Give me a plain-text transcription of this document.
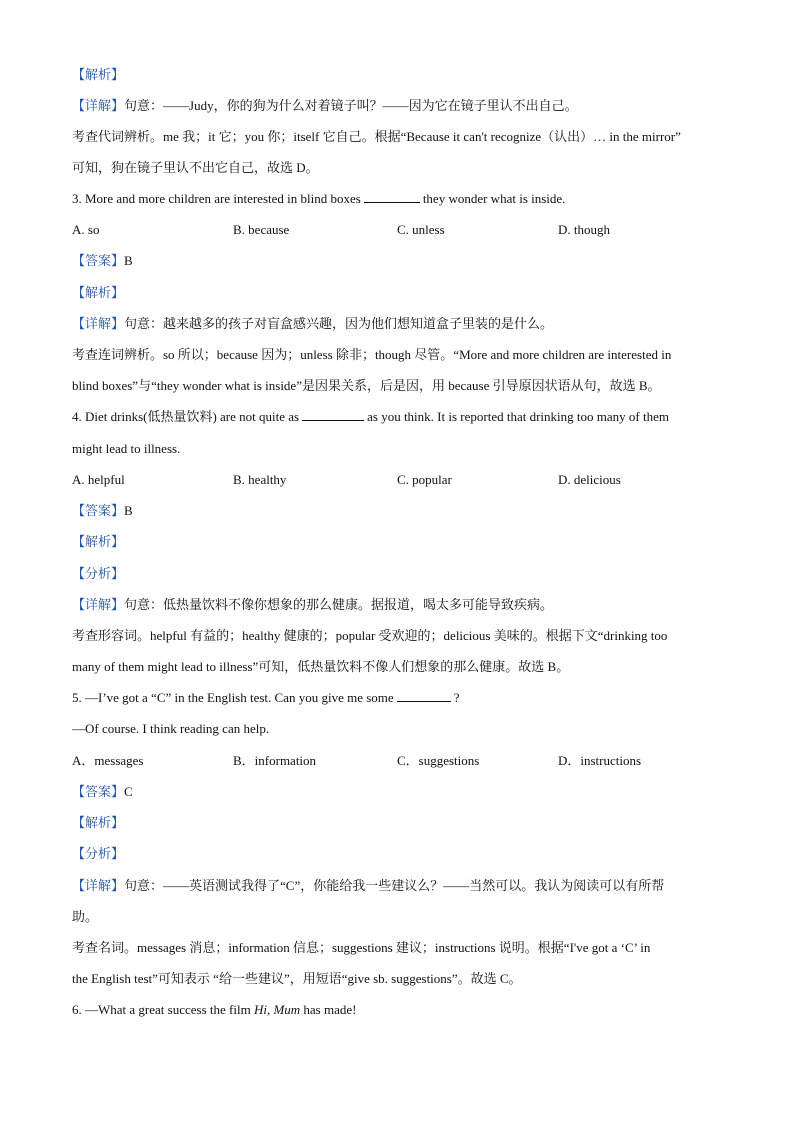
【解析】
【详解】句意：——Judy，你的狗为什么对着镜子叫？——因为它在镜子里认不出自己。
考查代词辨析。me 我；it 它；you 你；itself 它自己。根据“Because it can't recognize（认出）… in the mirror”
可知，狗在镜子里认不出它自己，故选 D。
3. More and more children are interested in blind boxes	they wonder what is inside.
A. so	B. because	C. unless	D. though
【答案】B
【解析】
【详解】句意：越来越多的孩子对盲盒感兴趣，因为他们想知道盒子里装的是什么。
考查连词辨析。so 所以；because 因为；unless 除非；though 尽管。“More and more children are interested in
blind boxes”与“they wonder what is inside”是因果关系，后是因，用 because 引导原因状语从句，故选 B。
4. Diet drinks(低热量饮料) are not quite as	as you think. It is reported that drinking too many of them
might lead to illness.
A. helpful	B. healthy	C. popular	D. delicious
【答案】B
【解析】
【分析】
【详解】句意：低热量饮料不像你想象的那么健康。据报道，喝太多可能导致疾病。
考查形容词。helpful 有益的；healthy 健康的；popular 受欢迎的；delicious 美味的。根据下文“drinking too
many of them might lead to illness”可知，低热量饮料不像人们想象的那么健康。故选 B。
5. —I’ve got a “C” in the English test. Can you give me some	?
—Of course. I think reading can help.
A．messages	B．information	C．suggestions	D．instructions
【答案】C
【解析】
【分析】
【详解】句意：——英语测试我得了“C”，你能给我一些建议么？——当然可以。我认为阅读可以有所帮
助。
考查名词。messages 消息；information 信息；suggestions 建议；instructions 说明。根据“I've got a ‘C’ in
the English test”可知表示 “给一些建议”，用短语“give sb. suggestions”。故选 C。
6. —What a great success the film Hi, Mum has made!
